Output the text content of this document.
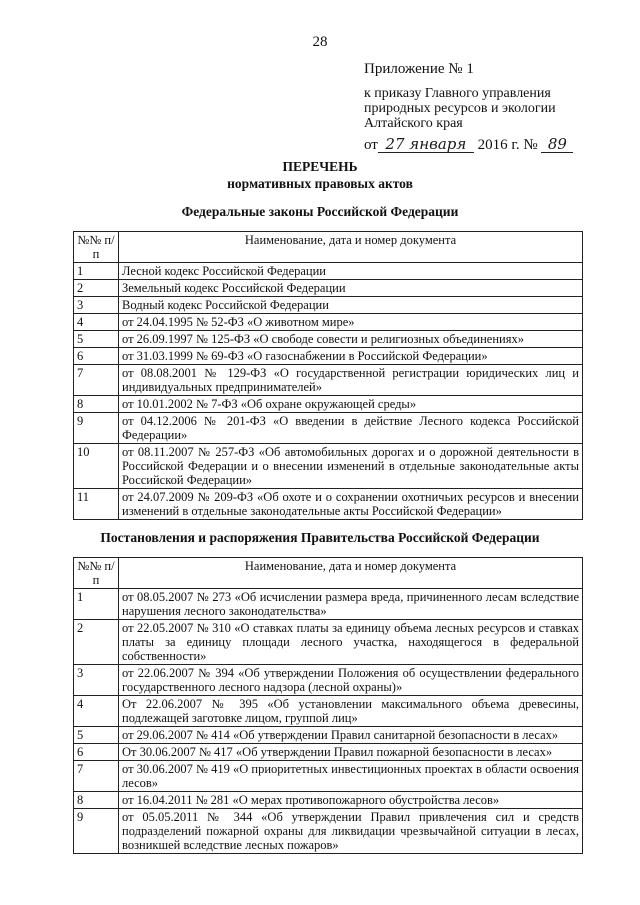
28
Приложение № 1
к приказу Главного управления
природных ресурсов и экологии
Алтайского края
от 27 января 2016 г. № 89
ПЕРЕЧЕНЬ
нормативных правовых актов
Федеральные законы Российской Федерации
№№ п/п	Наименование, дата и номер документа
1	Лесной кодекс Российской Федерации
2	Земельный кодекс Российской Федерации
3	Водный кодекс Российской Федерации
4	от 24.04.1995 № 52-ФЗ «О животном мире»
5	от 26.09.1997 № 125-ФЗ «О свободе совести и религиозных объединениях»
6	от 31.03.1999 № 69-ФЗ «О газоснабжении в Российской Федерации»
7	от 08.08.2001 № 129-ФЗ «О государственной регистрации юридических лиц и индивидуальных предпринимателей»
8	от 10.01.2002 № 7-ФЗ «Об охране окружающей среды»
9	от 04.12.2006 № 201-ФЗ «О введении в действие Лесного кодекса Российской Федерации»
10	от 08.11.2007 № 257-ФЗ «Об автомобильных дорогах и о дорожной деятельности в Российской Федерации и о внесении изменений в отдельные законодательные акты Российской Федерации»
11	от 24.07.2009 № 209-ФЗ «Об охоте и о сохранении охотничьих ресурсов и внесении изменений в отдельные законодательные акты Российской Федерации»
Постановления и распоряжения Правительства Российской Федерации
№№ п/п	Наименование, дата и номер документа
1	от 08.05.2007 № 273 «Об исчислении размера вреда, причиненного лесам вследствие нарушения лесного законодательства»
2	от 22.05.2007 № 310 «О ставках платы за единицу объема лесных ресурсов и ставках платы за единицу площади лесного участка, находящегося в федеральной собственности»
3	от 22.06.2007 № 394 «Об утверждении Положения об осуществлении федерального государственного лесного надзора (лесной охраны)»
4	От 22.06.2007 № 395 «Об установлении максимального объема древесины, подлежащей заготовке лицом, группой лиц»
5	от 29.06.2007 № 414 «Об утверждении Правил санитарной безопасности в лесах»
6	От 30.06.2007 № 417 «Об утверждении Правил пожарной безопасности в лесах»
7	от 30.06.2007 № 419 «О приоритетных инвестиционных проектах в области освоения лесов»
8	от 16.04.2011 № 281 «О мерах противопожарного обустройства лесов»
9	от 05.05.2011 № 344 «Об утверждении Правил привлечения сил и средств подразделений пожарной охраны для ликвидации чрезвычайной ситуации в лесах, возникшей вследствие лесных пожаров»
